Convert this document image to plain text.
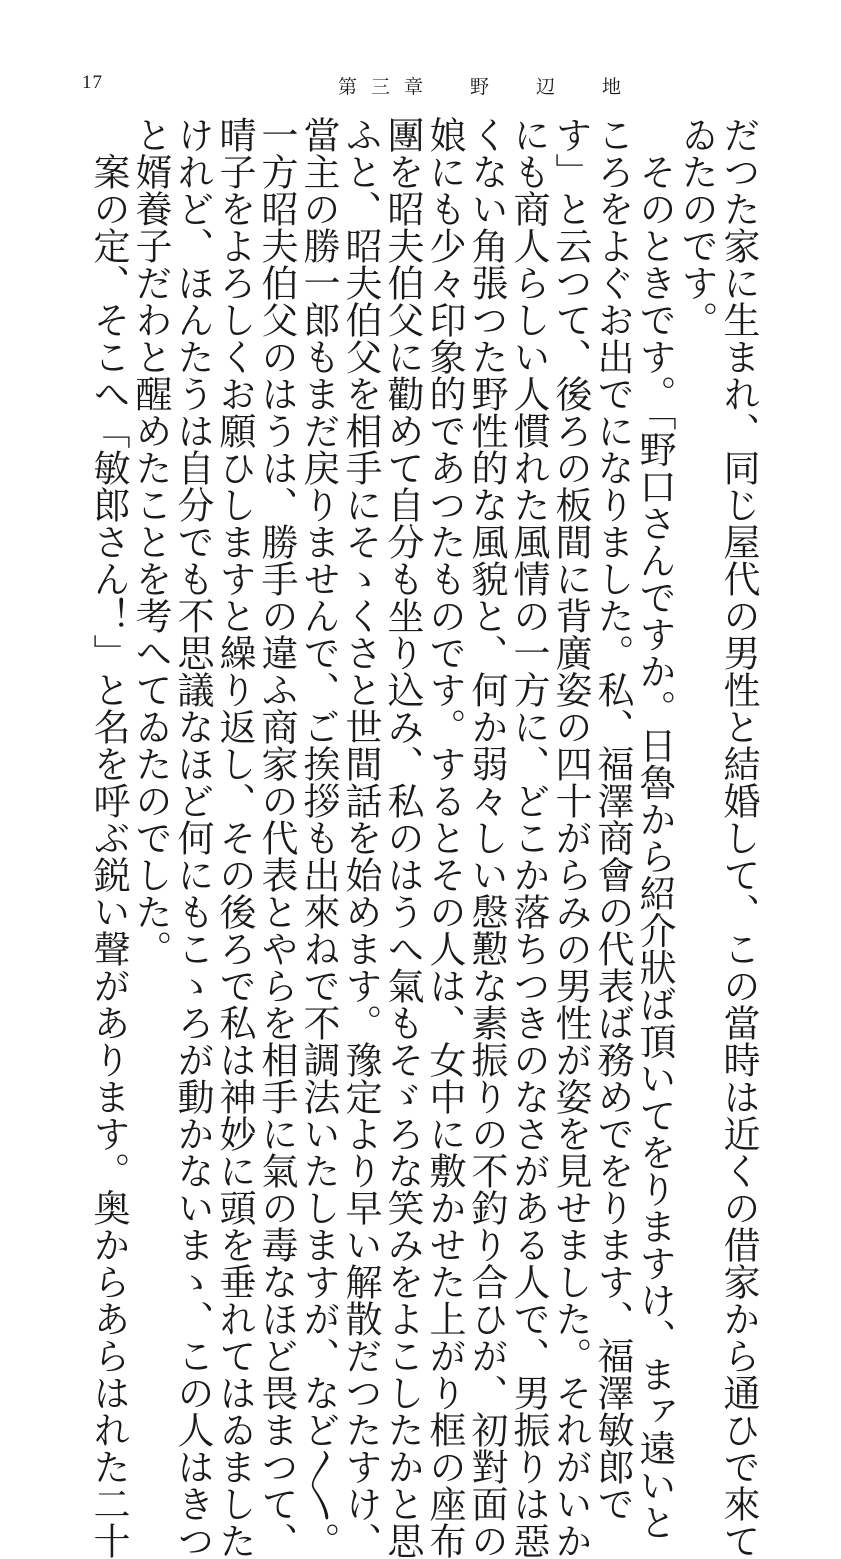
17	第三章　野　辺　地
だつた家に生まれ、同じ屋代の男性と結婚して、この當時は近くの借家から通ひで來て
ゐたのです。
　そのときです。「野口さんですか。日魯から紹介狀ば頂いてをりますけ、まァ遠いと
ころをよぐお出でになりました。私、福澤商會の代表ば務めでをります、福澤敏郎で
す」と云つて、後ろの板間に背廣姿の四十がらみの男性が姿を見せました。それがいか
にも商人らしい人慣れた風情の一方に、どこか落ちつきのなさがある人で、男振りは惡
くない角張つた野性的な風貌と、何か弱々しい慇懃な素振りの不釣り合ひが、初對面の
娘にも少々印象的であつたものです。するとその人は、女中に敷かせた上がり框の座布
團を昭夫伯父に勸めて自分も坐り込み、私のはうへ氣もそゞろな笑みをよこしたかと思
ふと、昭夫伯父を相手にそゝくさと世間話を始めます。豫定より早い解散だつたすけ、
當主の勝一郎もまだ戻りませんで、ご挨拶も出來ねで不調法いたしますが、など〳〵。
一方昭夫伯父のはうは、勝手の違ふ商家の代表とやらを相手に氣の毒なほど畏まつて、
晴子をよろしくお願ひしますと繰り返し、その後ろで私は神妙に頭を垂れてはゐました
けれど、ほんたうは自分でも不思議なほど何にもこゝろが動かないまゝ、この人はきつ
と婿養子だわと醒めたことを考へてゐたのでした。
　案の定、そこへ「敏郎さん！」と名を呼ぶ鋭い聲があります。奥からあらはれた二十
